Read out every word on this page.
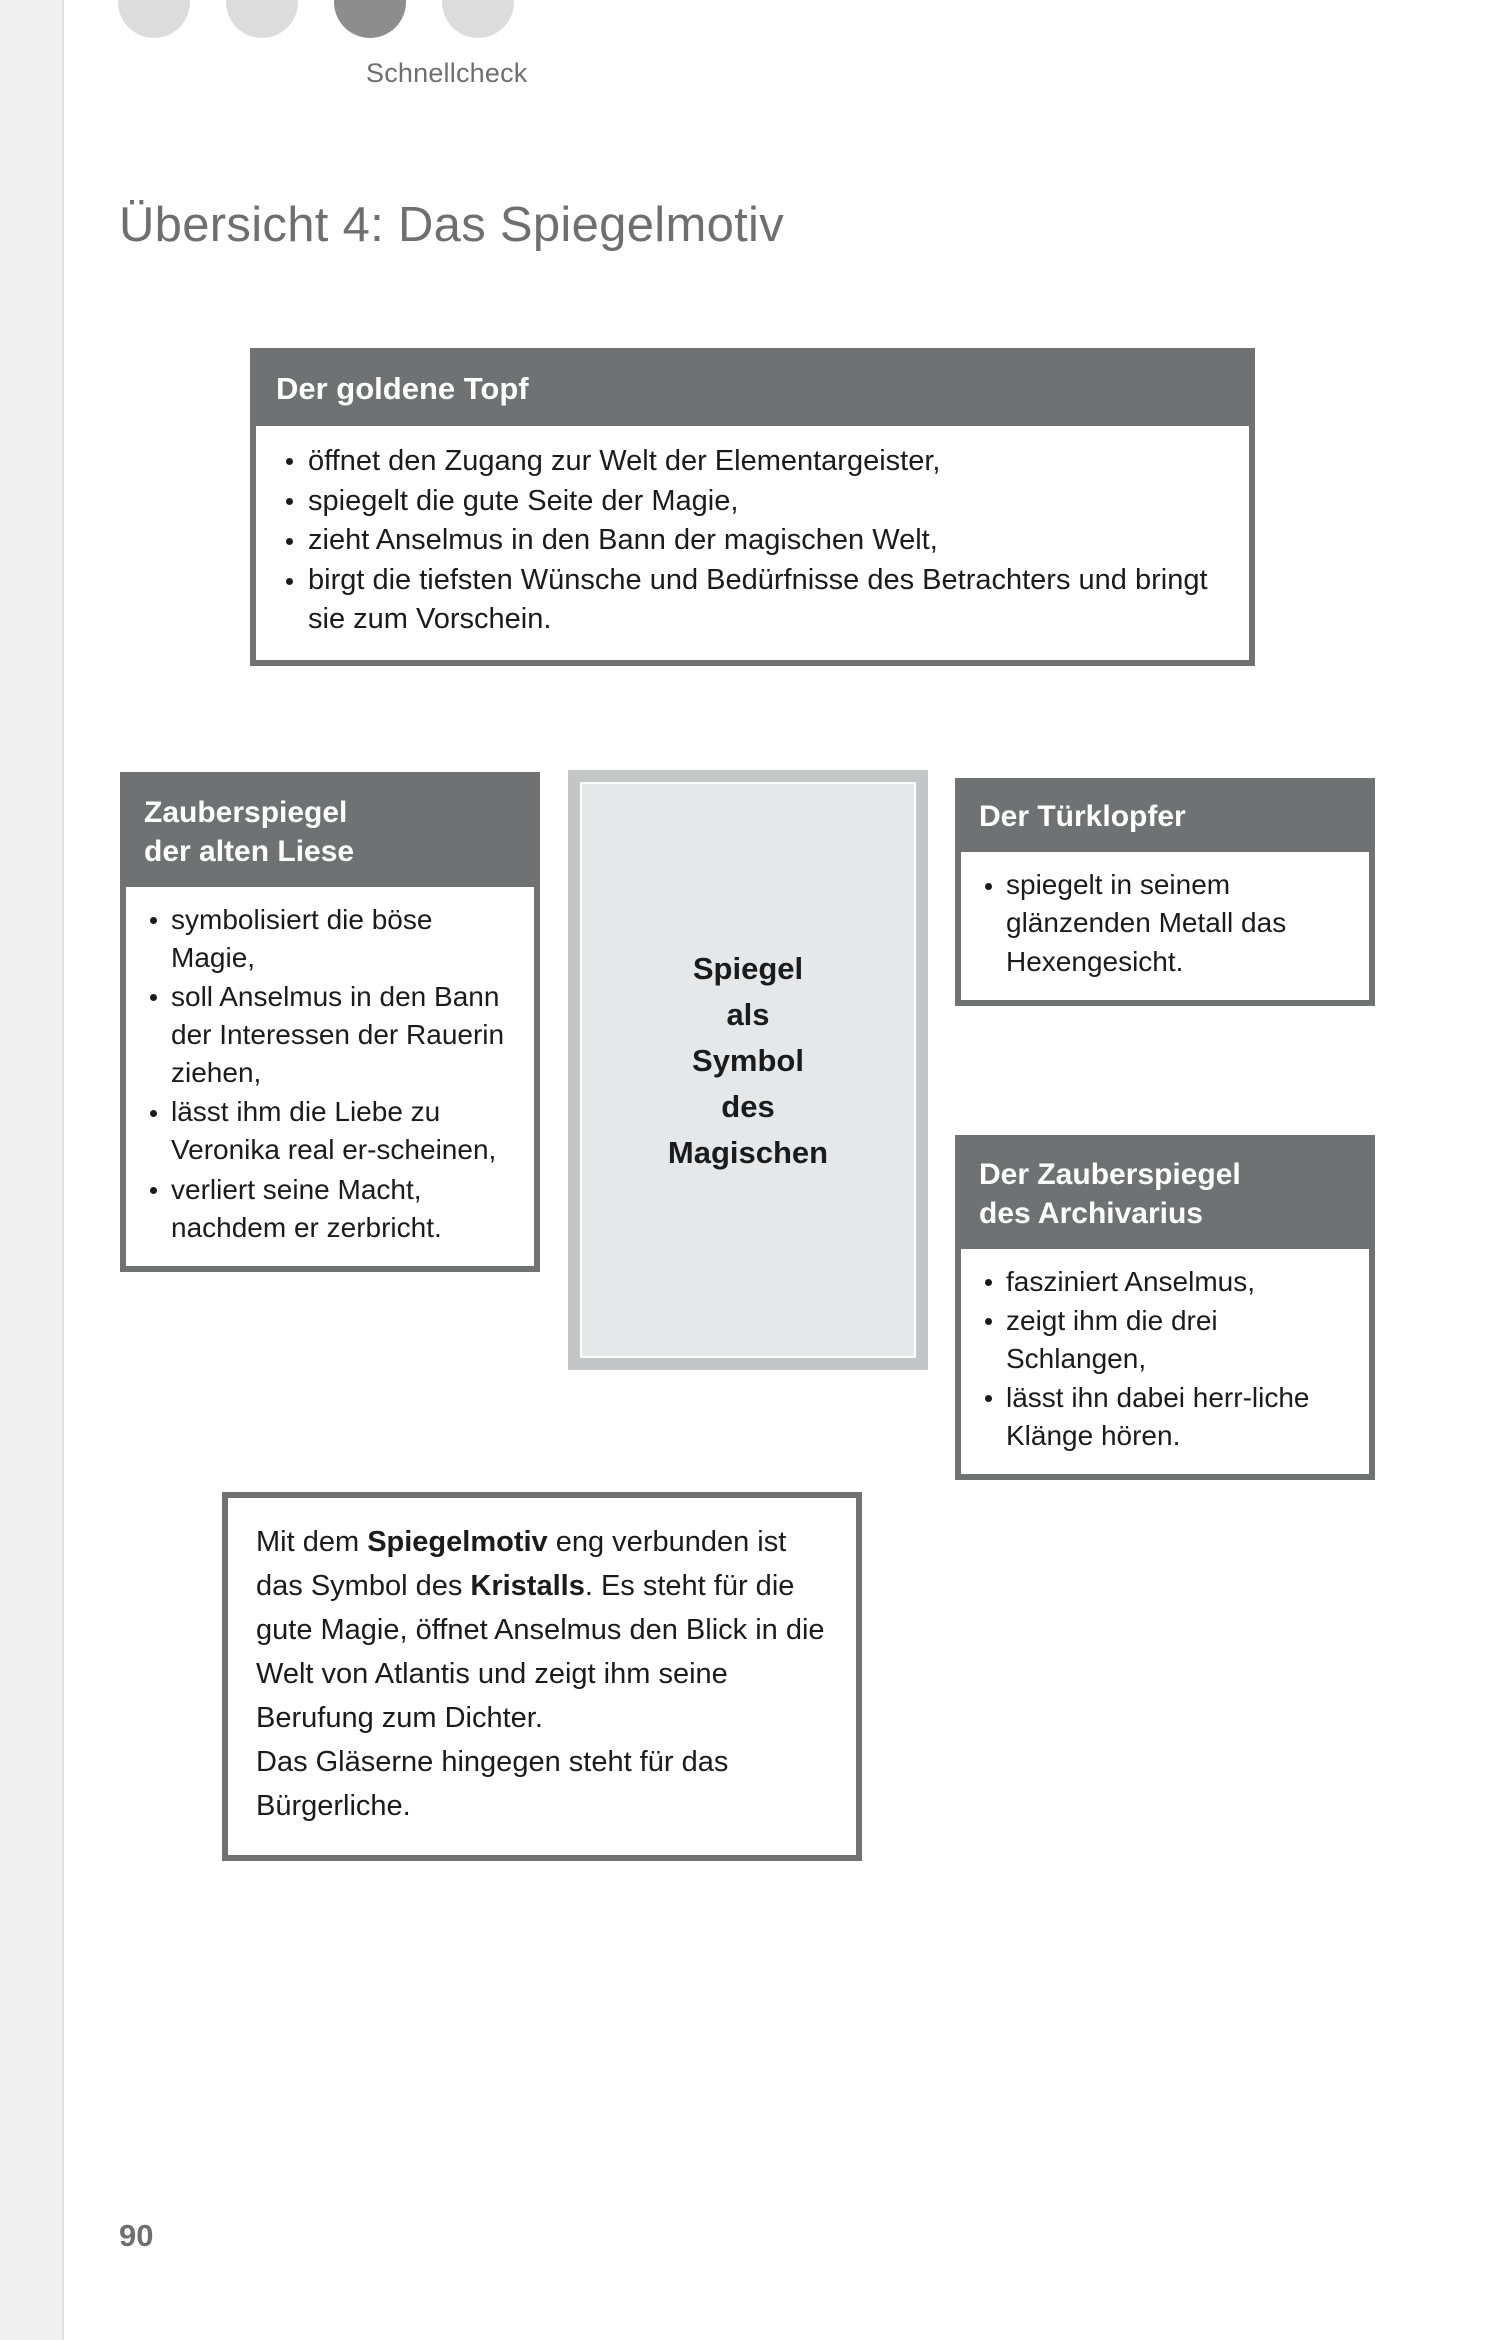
Schnellcheck
Übersicht 4: Das Spiegelmotiv
Der goldene Topf
öffnet den Zugang zur Welt der Elementargeister,
spiegelt die gute Seite der Magie,
zieht Anselmus in den Bann der magischen Welt,
birgt die tiefsten Wünsche und Bedürfnisse des Betrachters und bringt sie zum Vorschein.
Zauberspiegel
der alten Liese
symbolisiert die böse Magie,
soll Anselmus in den Bann der Interessen der Rauerin ziehen,
lässt ihm die Liebe zu Veronika real er-scheinen,
verliert seine Macht, nachdem er zerbricht.
Spiegel
als
Symbol
des
Magischen
Der Türklopfer
spiegelt in seinem glänzenden Metall das Hexengesicht.
Der Zauberspiegel
des Archivarius
fasziniert Anselmus,
zeigt ihm die drei Schlangen,
lässt ihn dabei herr-liche Klänge hören.

Mit dem Spiegelmotiv eng verbunden ist das Symbol des Kristalls. Es steht für die gute Magie, öffnet Anselmus den Blick in die Welt von Atlantis und zeigt ihm seine Berufung zum Dichter.

Das Gläserne hingegen steht für das Bürgerliche.

90
